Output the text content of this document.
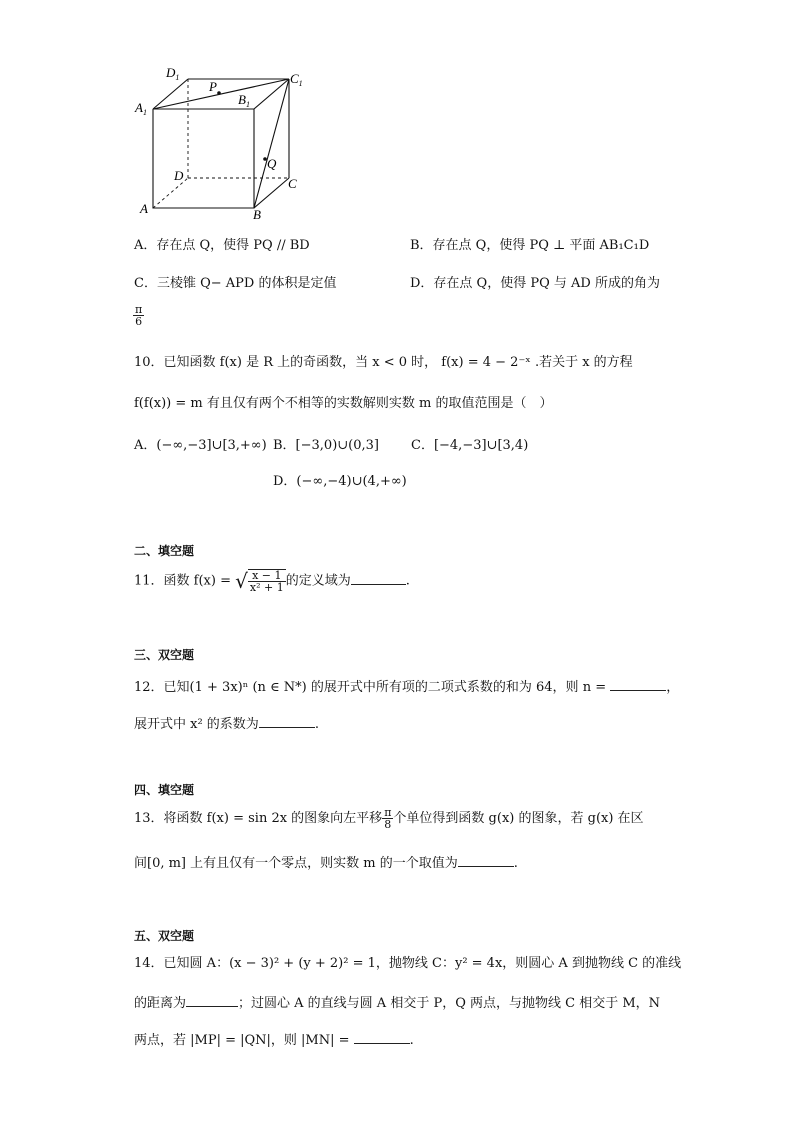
$D_1$	$C_1$
$A_1$
$B_1$
P
Q
D
C
A	B
A．存在点 Q，使得 PQ // BD	B．存在点 Q，使得 PQ ⊥ 平面 AB₁C₁D
C．三棱锥 Q− APD 的体积是定值	D．存在点 Q，使得 PQ 与 AD 所成的角为
$\frac{\pi}{6}$
10．已知函数 f(x) 是 R 上的奇函数，当 x < 0 时， f(x) = 4 − 2⁻ˣ .若关于 x 的方程
f(f(x)) = m 有且仅有两个不相等的实数解则实数 m 的取值范围是（　）
A．(−∞,−3]∪[3,+∞) B．[−3,0)∪(0,3] C．[−4,−3]∪[3,4)
D．(−∞,−4)∪(4,+∞)
二、填空题
11．函数 f(x) = √ $\frac{x - 1}{\text{x² + 1}}$ 的定义域为	.
三、双空题
12．已知(1 + 3x)ⁿ (n ∈ N*) 的展开式中所有项的二项式系数的和为 64，则 n =	，
展开式中 x² 的系数为	.
四、填空题
13．将函数 f(x) = sin 2x 的图象向左平移 $\frac{\pi}{8}$ 个单位得到函数 g(x) 的图象，若 g(x) 在区
间[0, m] 上有且仅有一个零点，则实数 m 的一个取值为	.
五、双空题
14．已知圆 A：(x − 3)² + (y + 2)² = 1，抛物线 C：y² = 4x，则圆心 A 到抛物线 C 的准线
的距离为	；过圆心 A 的直线与圆 A 相交于 P，Q 两点，与抛物线 C 相交于 M，N
两点，若 |MP| = |QN|，则 |MN| =	.
